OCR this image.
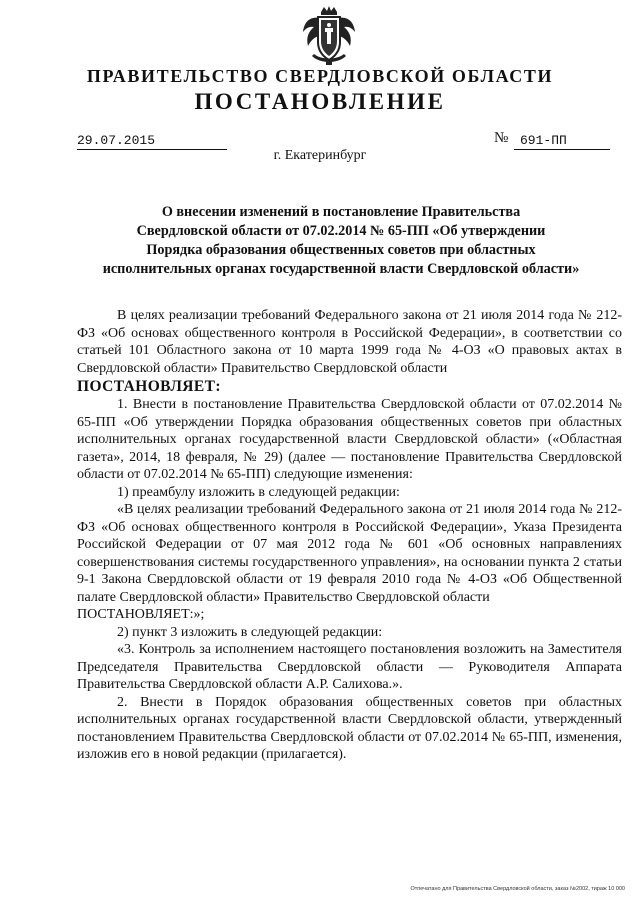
ПРАВИТЕЛЬСТВО СВЕРДЛОВСКОЙ ОБЛАСТИ
ПОСТАНОВЛЕНИЕ
29.07.2015	№ 691-ПП
г. Екатеринбург
О внесении изменений в постановление Правительства
Свердловской области от 07.02.2014 № 65-ПП «Об утверждении
Порядка образования общественных советов при областных
исполнительных органах государственной власти Свердловской области»

В целях реализации требований Федерального закона от 21 июля 2014 года № 212-ФЗ «Об основах общественного контроля в Российской Федерации», в соответствии со статьей 101 Областного закона от 10 марта 1999 года № 4-ОЗ «О правовых актах в Свердловской области» Правительство Свердловской области

ПОСТАНОВЛЯЕТ:

1. Внести в постановление Правительства Свердловской области от 07.02.2014 № 65-ПП «Об утверждении Порядка образования общественных советов при областных исполнительных органах государственной власти Свердловской области» («Областная газета», 2014, 18 февраля, № 29) (далее — постановление Правительства Свердловской области от 07.02.2014 № 65-ПП) следующие изменения:

1) преамбулу изложить в следующей редакции:

«В целях реализации требований Федерального закона от 21 июля 2014 года № 212-ФЗ «Об основах общественного контроля в Российской Федерации», Указа Президента Российской Федерации от 07 мая 2012 года № 601 «Об основных направлениях совершенствования системы государственного управления», на основании пункта 2 статьи 9-1 Закона Свердловской области от 19 февраля 2010 года № 4-ОЗ «Об Общественной палате Свердловской области» Правительство Свердловской области

ПОСТАНОВЛЯЕТ:»;

2) пункт 3 изложить в следующей редакции:

«3. Контроль за исполнением настоящего постановления возложить на Заместителя Председателя Правительства Свердловской области — Руководителя Аппарата Правительства Свердловской области А.Р. Салихова.».

2. Внести в Порядок образования общественных советов при областных исполнительных органах государственной власти Свердловской области, утвержденный постановлением Правительства Свердловской области от 07.02.2014 № 65-ПП, изменения, изложив его в новой редакции (прилагается).

Отпечатано для Правительства Свердловской области, заказ №2002, тираж 10 000
